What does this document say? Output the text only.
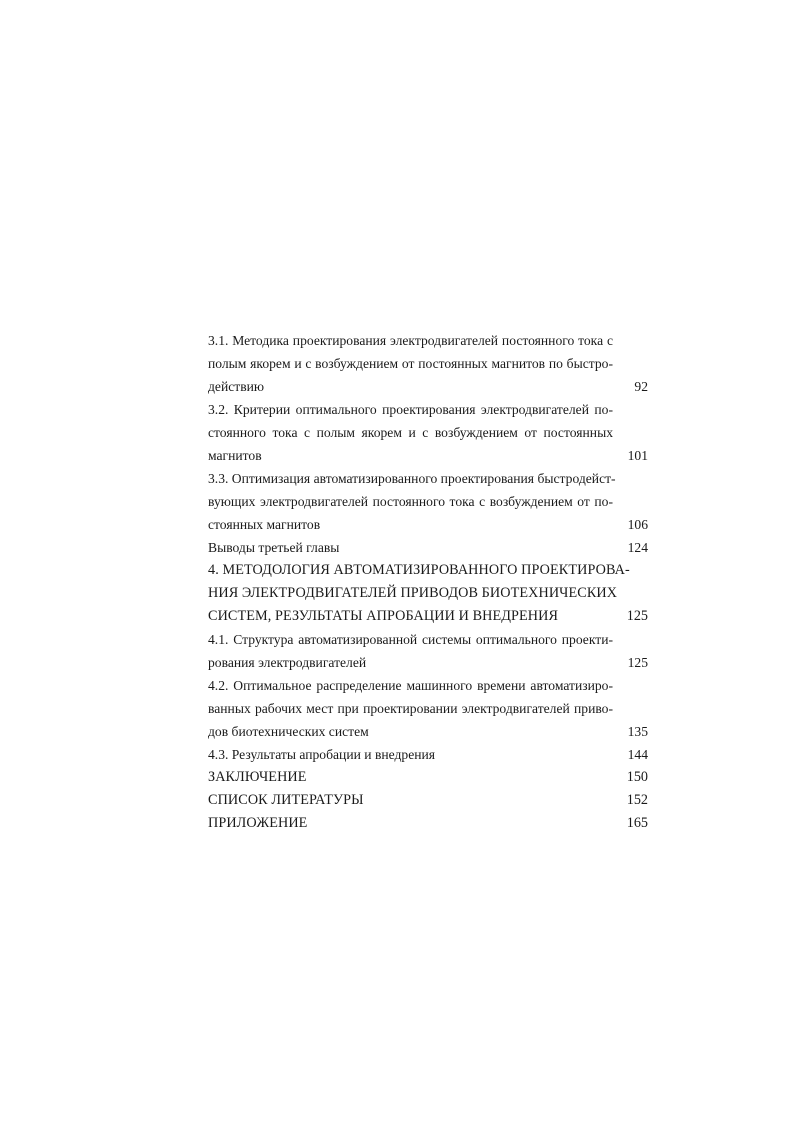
3.1. Методика проектирования электродвигателей постоянного тока с
полым якорем и с возбуждением от постоянных магнитов по быстро-
действию	92
3.2. Критерии оптимального проектирования электродвигателей по-
стоянного тока с полым якорем и с возбуждением от постоянных
магнитов	101
3.3. Оптимизация автоматизированного проектирования быстродейст-
вующих электродвигателей постоянного тока с возбуждением от по-
стоянных магнитов	106
Выводы третьей главы	124
4. МЕТОДОЛОГИЯ АВТОМАТИЗИРОВАННОГО ПРОЕКТИРОВА-
НИЯ ЭЛЕКТРОДВИГАТЕЛЕЙ ПРИВОДОВ БИОТЕХНИЧЕСКИХ
СИСТЕМ, РЕЗУЛЬТАТЫ АПРОБАЦИИ И ВНЕДРЕНИЯ	125
4.1. Структура автоматизированной системы оптимального проекти-
рования электродвигателей	125
4.2. Оптимальное распределение машинного времени автоматизиро-
ванных рабочих мест при проектировании электродвигателей приво-
дов биотехнических систем	135
4.3. Результаты апробации и внедрения	144
ЗАКЛЮЧЕНИЕ	150
СПИСОК ЛИТЕРАТУРЫ	152
ПРИЛОЖЕНИЕ	165
